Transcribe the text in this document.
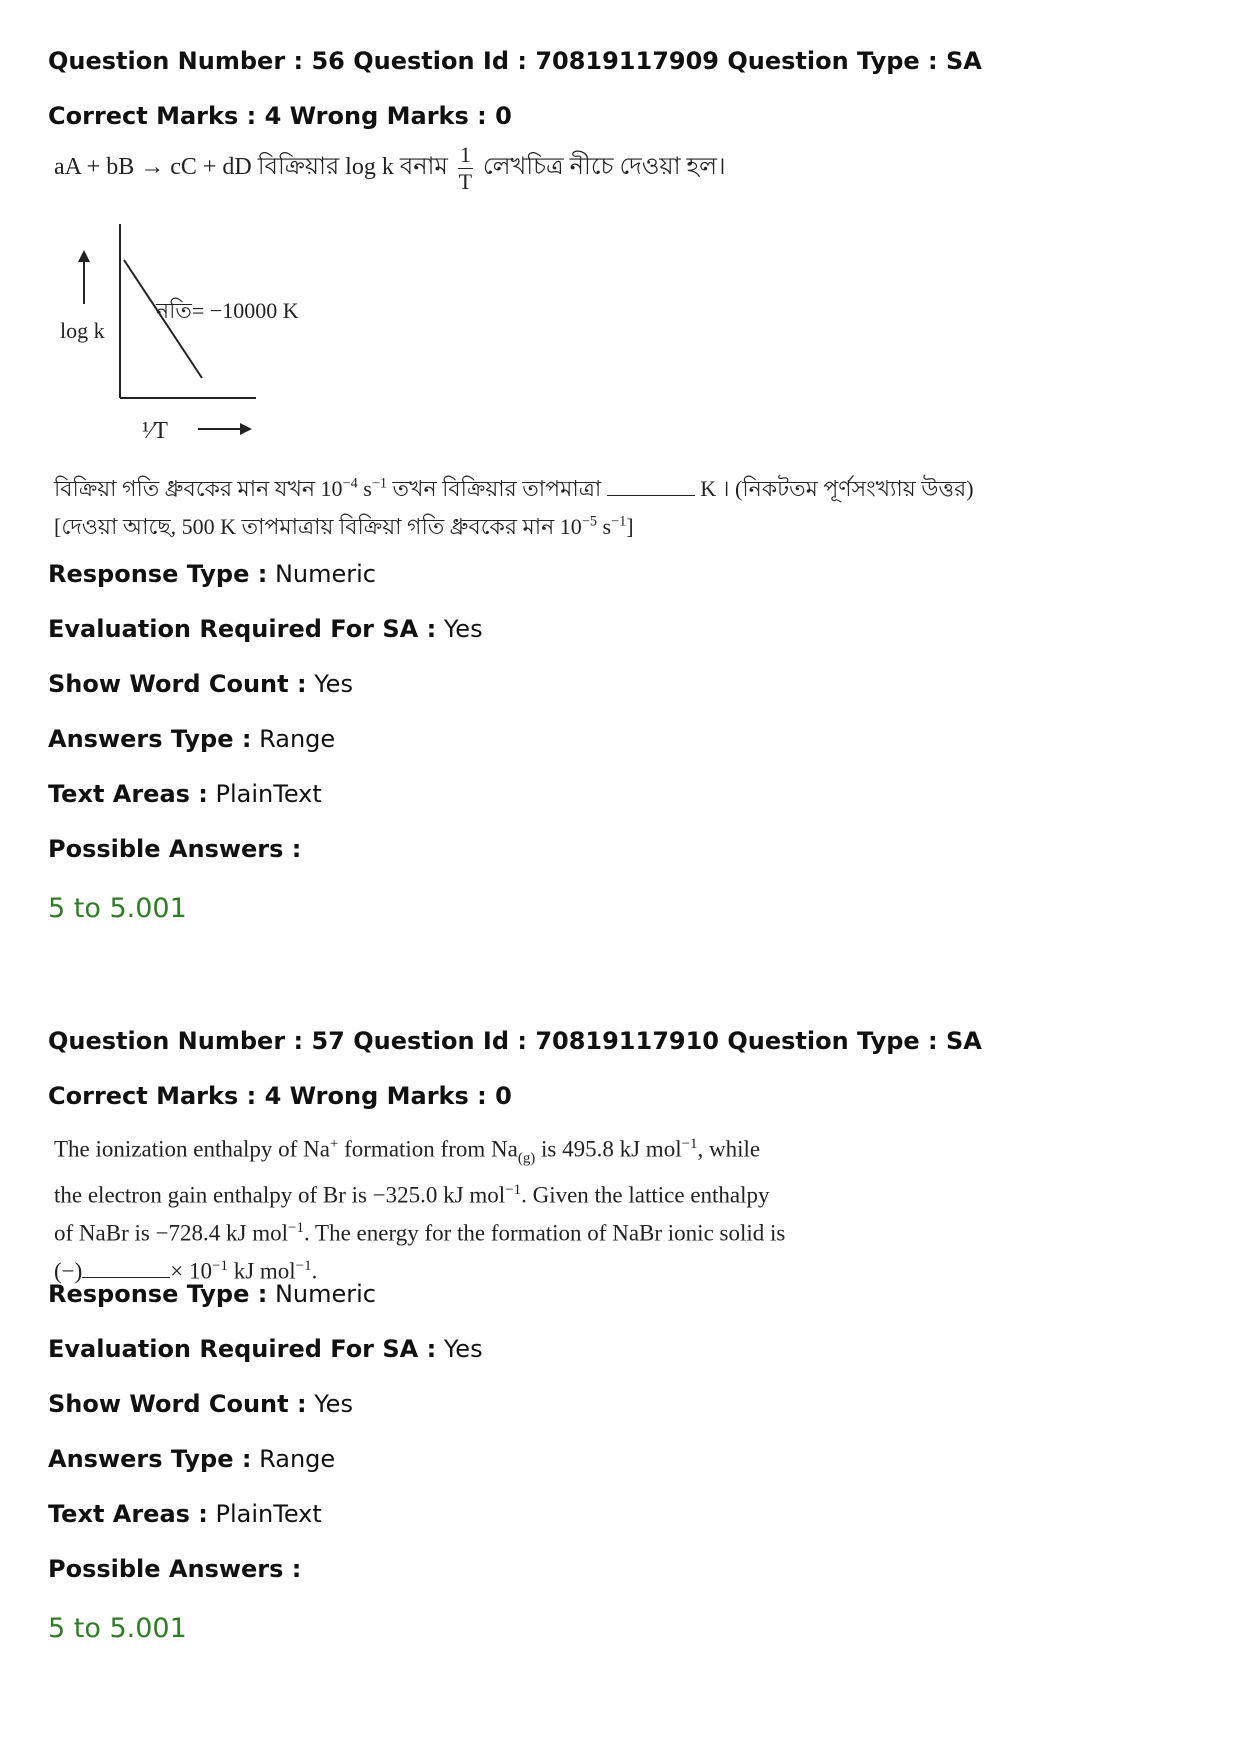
Question Number : 56 Question Id : 70819117909 Question Type : SA

Correct Marks : 4 Wrong Marks : 0

aA + bB → cC + dD বিক্রিয়ার log k বনাম $\frac{1}{T}$ লেখচিত্র নীচে দেওয়া হল।
log k
নতি= −10000 K
¹⁄T
বিক্রিয়া গতি ধ্রুবকের মান যখন $10^{-4}$ $s^{-1}$ তখন বিক্রিয়ার তাপমাত্রা	K । (নিকটতম পূর্ণসংখ্যায় উত্তর)
[দেওয়া আছে, 500 K তাপমাত্রায় বিক্রিয়া গতি ধ্রুবকের মান $10^{-5}$ $s^{-1}$]

Response Type : Numeric

Evaluation Required For SA : Yes

Show Word Count : Yes

Answers Type : Range

Text Areas : PlainText

Possible Answers :

5 to 5.001

Question Number : 57 Question Id : 70819117910 Question Type : SA

Correct Marks : 4 Wrong Marks : 0

The ionization enthalpy of Na+ formation from $Na_{(g)}$ is 495.8 kJ mol$^{-1}$, while
the electron gain enthalpy of Br is −325.0 kJ mol$^{-1}$. Given the lattice enthalpy
of NaBr is −728.4 kJ mol$^{-1}$. The energy for the formation of NaBr ionic solid is
(−)	× $10^{-1}$ kJ mol$^{-1}$.

Response Type : Numeric

Evaluation Required For SA : Yes

Show Word Count : Yes

Answers Type : Range

Text Areas : PlainText

Possible Answers :

5 to 5.001
